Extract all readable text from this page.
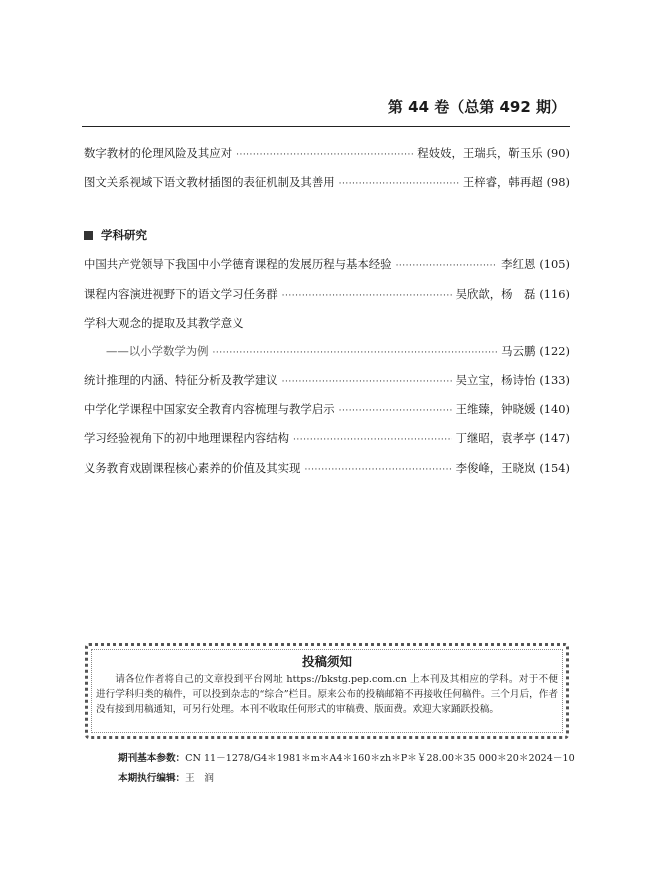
第 44 卷（总第 492 期）
数字教材的伦理风险及其应对 ·····	程妓妓，王瑞兵，靳玉乐 (90)
图文关系视域下语文教材插图的表征机制及其善用 ·····	王梓睿，韩再超 (98)
学科研究
中国共产党领导下我国中小学德育课程的发展历程与基本经验 ·····	李红恩 (105)
课程内容演进视野下的语文学习任务群 ·····	吴欣歆，杨　磊 (116)
学科大观念的提取及其教学意义
——以小学数学为例 ·····	马云鹏 (122)
统计推理的内涵、特征分析及教学建议 ·····	吴立宝，杨诗怡 (133)
中学化学课程中国家安全教育内容梳理与教学启示 ·····	王维臻，钟晓媛 (140)
学习经验视角下的初中地理课程内容结构 ·····	丁继昭，袁孝亭 (147)
义务教育戏剧课程核心素养的价值及其实现 ·····	李俊峰，王晓岚 (154)
投稿须知
请各位作者将自己的文章投到平台网址 https://bkstg.pep.com.cn 上本刊及其相应的学科。对于不便进行学科归类的稿件，可以投到杂志的“综合”栏目。原来公布的投稿邮箱不再接收任何稿件。三个月后，作者没有接到用稿通知，可另行处理。本刊不收取任何形式的审稿费、版面费。欢迎大家踊跃投稿。
期刊基本参数：CN 11－1278/G4＊1981＊m＊A4＊160＊zh＊P＊￥28.00＊35 000＊20＊2024－10
本期执行编辑：王　润
